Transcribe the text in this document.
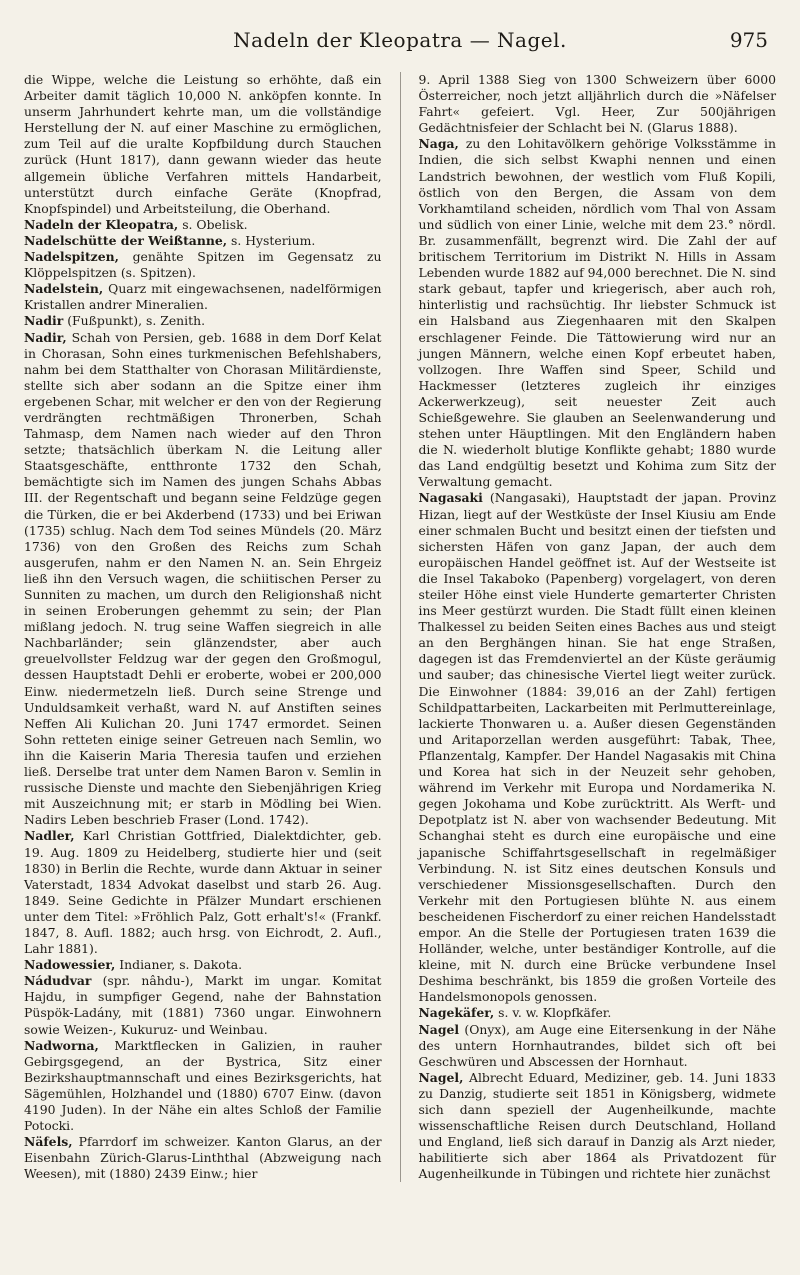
Nadeln der Kleopatra — Nagel.	975

die Wippe, welche die Leistung so erhöhte, daß ein Arbeiter damit täglich 10,000 N. anköpfen konnte. In unserm Jahrhundert kehrte man, um die vollständige Herstellung der N. auf einer Maschine zu ermöglichen, zum Teil auf die uralte Kopfbildung durch Stauchen zurück (Hunt 1817), dann gewann wieder das heute allgemein übliche Verfahren mittels Handarbeit, unterstützt durch einfache Geräte (Knopfrad, Knopfspindel) und Arbeitsteilung, die Oberhand.

Nadeln der Kleopatra, s. Obelisk.

Nadelschütte der Weißtanne, s. Hysterium.

Nadelspitzen, genähte Spitzen im Gegensatz zu Klöppelspitzen (s. Spitzen).

Nadelstein, Quarz mit eingewachsenen, nadelförmigen Kristallen andrer Mineralien.

Nadir (Fußpunkt), s. Zenith.

Nadir, Schah von Persien, geb. 1688 in dem Dorf Kelat in Chorasan, Sohn eines turkmenischen Befehlshabers, nahm bei dem Statthalter von Chorasan Militärdienste, stellte sich aber sodann an die Spitze einer ihm ergebenen Schar, mit welcher er den von der Regierung verdrängten rechtmäßigen Thronerben, Schah Tahmasp, dem Namen nach wieder auf den Thron setzte; thatsächlich überkam N. die Leitung aller Staatsgeschäfte, entthronte 1732 den Schah, bemächtigte sich im Namen des jungen Schahs Abbas III. der Regentschaft und begann seine Feldzüge gegen die Türken, die er bei Akderbend (1733) und bei Eriwan (1735) schlug. Nach dem Tod seines Mündels (20. März 1736) von den Großen des Reichs zum Schah ausgerufen, nahm er den Namen N. an. Sein Ehrgeiz ließ ihn den Versuch wagen, die schiitischen Perser zu Sunniten zu machen, um durch den Religionshaß nicht in seinen Eroberungen gehemmt zu sein; der Plan mißlang jedoch. N. trug seine Waffen siegreich in alle Nachbarländer; sein glänzendster, aber auch greuelvollster Feldzug war der gegen den Großmogul, dessen Hauptstadt Dehli er eroberte, wobei er 200,000 Einw. niedermetzeln ließ. Durch seine Strenge und Unduldsamkeit verhaßt, ward N. auf Anstiften seines Neffen Ali Kulichan 20. Juni 1747 ermordet. Seinen Sohn retteten einige seiner Getreuen nach Semlin, wo ihn die Kaiserin Maria Theresia taufen und erziehen ließ. Derselbe trat unter dem Namen Baron v. Semlin in russische Dienste und machte den Siebenjährigen Krieg mit Auszeichnung mit; er starb in Mödling bei Wien. Nadirs Leben beschrieb Fraser (Lond. 1742).

Nadler, Karl Christian Gottfried, Dialektdichter, geb. 19. Aug. 1809 zu Heidelberg, studierte hier und (seit 1830) in Berlin die Rechte, wurde dann Aktuar in seiner Vaterstadt, 1834 Advokat daselbst und starb 26. Aug. 1849. Seine Gedichte in Pfälzer Mundart erschienen unter dem Titel: »Fröhlich Palz, Gott erhalt's!« (Frankf. 1847, 8. Aufl. 1882; auch hrsg. von Eichrodt, 2. Aufl., Lahr 1881).

Nadowessier, Indianer, s. Dakota.

Nádudvar (spr. nâhdu-), Markt im ungar. Komitat Hajdu, in sumpfiger Gegend, nahe der Bahnstation Püspök-Ladány, mit (1881) 7360 ungar. Einwohnern sowie Weizen-, Kukuruz- und Weinbau.

Nadworna, Marktflecken in Galizien, in rauher Gebirgsgegend, an der Bystrica, Sitz einer Bezirkshauptmannschaft und eines Bezirksgerichts, hat Sägemühlen, Holzhandel und (1880) 6707 Einw. (davon 4190 Juden). In der Nähe ein altes Schloß der Familie Potocki.

Näfels, Pfarrdorf im schweizer. Kanton Glarus, an der Eisenbahn Zürich-Glarus-Linththal (Abzweigung nach Weesen), mit (1880) 2439 Einw.; hier

9. April 1388 Sieg von 1300 Schweizern über 6000 Österreicher, noch jetzt alljährlich durch die »Näfelser Fahrt« gefeiert. Vgl. Heer, Zur 500jährigen Gedächtnisfeier der Schlacht bei N. (Glarus 1888).

Naga, zu den Lohitavölkern gehörige Volksstämme in Indien, die sich selbst Kwaphi nennen und einen Landstrich bewohnen, der westlich vom Fluß Kopili, östlich von den Bergen, die Assam von dem Vorkhamtiland scheiden, nördlich vom Thal von Assam und südlich von einer Linie, welche mit dem 23.° nördl. Br. zusammenfällt, begrenzt wird. Die Zahl der auf britischem Territorium im Distrikt N. Hills in Assam Lebenden wurde 1882 auf 94,000 berechnet. Die N. sind stark gebaut, tapfer und kriegerisch, aber auch roh, hinterlistig und rachsüchtig. Ihr liebster Schmuck ist ein Halsband aus Ziegenhaaren mit den Skalpen erschlagener Feinde. Die Tättowierung wird nur an jungen Männern, welche einen Kopf erbeutet haben, vollzogen. Ihre Waffen sind Speer, Schild und Hackmesser (letzteres zugleich ihr einziges Ackerwerkzeug), seit neuester Zeit auch Schießgewehre. Sie glauben an Seelenwanderung und stehen unter Häuptlingen. Mit den Engländern haben die N. wiederholt blutige Konflikte gehabt; 1880 wurde das Land endgültig besetzt und Kohima zum Sitz der Verwaltung gemacht.

Nagasaki (Nangasaki), Hauptstadt der japan. Provinz Hizan, liegt auf der Westküste der Insel Kiusiu am Ende einer schmalen Bucht und besitzt einen der tiefsten und sichersten Häfen von ganz Japan, der auch dem europäischen Handel geöffnet ist. Auf der Westseite ist die Insel Takaboko (Papenberg) vorgelagert, von deren steiler Höhe einst viele Hunderte gemarterter Christen ins Meer gestürzt wurden. Die Stadt füllt einen kleinen Thalkessel zu beiden Seiten eines Baches aus und steigt an den Berghängen hinan. Sie hat enge Straßen, dagegen ist das Fremdenviertel an der Küste geräumig und sauber; das chinesische Viertel liegt weiter zurück. Die Einwohner (1884: 39,016 an der Zahl) fertigen Schildpattarbeiten, Lackarbeiten mit Perlmuttereinlage, lackierte Thonwaren u. a. Außer diesen Gegenständen und Aritaporzellan werden ausgeführt: Tabak, Thee, Pflanzentalg, Kampfer. Der Handel Nagasakis mit China und Korea hat sich in der Neuzeit sehr gehoben, während im Verkehr mit Europa und Nordamerika N. gegen Jokohama und Kobe zurücktritt. Als Werft- und Depotplatz ist N. aber von wachsender Bedeutung. Mit Schanghai steht es durch eine europäische und eine japanische Schiffahrtsgesellschaft in regelmäßiger Verbindung. N. ist Sitz eines deutschen Konsuls und verschiedener Missionsgesellschaften. Durch den Verkehr mit den Portugiesen blühte N. aus einem bescheidenen Fischerdorf zu einer reichen Handelsstadt empor. An die Stelle der Portugiesen traten 1639 die Holländer, welche, unter beständiger Kontrolle, auf die kleine, mit N. durch eine Brücke verbundene Insel Deshima beschränkt, bis 1859 die großen Vorteile des Handelsmonopols genossen.

Nagekäfer, s. v. w. Klopfkäfer.

Nagel (Onyx), am Auge eine Eitersenkung in der Nähe des untern Hornhautrandes, bildet sich oft bei Geschwüren und Abscessen der Hornhaut.

Nagel, Albrecht Eduard, Mediziner, geb. 14. Juni 1833 zu Danzig, studierte seit 1851 in Königsberg, widmete sich dann speziell der Augenheilkunde, machte wissenschaftliche Reisen durch Deutschland, Holland und England, ließ sich darauf in Danzig als Arzt nieder, habilitierte sich aber 1864 als Privatdozent für Augenheilkunde in Tübingen und richtete hier zunächst
